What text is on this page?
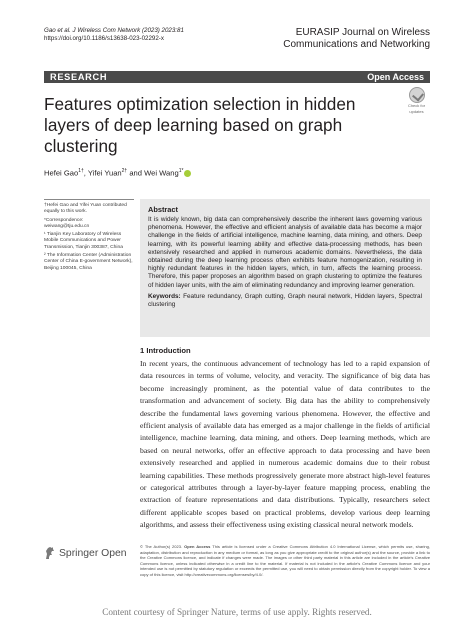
Gao et al. J Wireless Com Network (2023) 2023:81
https://doi.org/10.1186/s13638-023-02292-x
EURASIP Journal on Wireless
Communications and Networking
RESEARCH	Open Access
Features optimization selection in hidden layers of deep learning based on graph clustering
Check for
updates
Hefei Gao$^{1\dagger}$, Yifei Yuan$^{2\dagger}$ and Wei Wang$^{1*}$

†Hefei Gao and Yifei Yuan contributed equally to this work.

*Correspondence:

weiwang@tju.edu.cn

¹ Tianjin Key Laboratory of Wireless Mobile Communications and Power Transmission, Tianjin 300387, China

² The Information Center (Administration Center of China E-government Network), Beijing 100045, China

Abstract

It is widely known, big data can comprehensively describe the inherent laws governing various phenomena. However, the effective and efficient analysis of available data has become a major challenge in the fields of artificial intelligence, machine learning, data mining, and others. Deep learning, with its powerful learning ability and effective data-processing methods, has been extensively researched and applied in numerous academic domains. Nevertheless, the data obtained during the deep learning process often exhibits feature homogenization, resulting in highly redundant features in the hidden layers, which, in turn, affects the learning process. Therefore, this paper proposes an algorithm based on graph clustering to optimize the features of hidden layer units, with the aim of eliminating redundancy and improving learner generation.

Keywords: Feature redundancy, Graph cutting, Graph neural network, Hidden layers, Spectral clustering

1 Introduction

In recent years, the continuous advancement of technology has led to a rapid expansion of data resources in terms of volume, velocity, and veracity. The significance of big data has become increasingly prominent, as the potential value of data contributes to the transformation and advancement of society. Big data has the ability to comprehensively describe the fundamental laws governing various phenomena. However, the effective and efficient analysis of available data has emerged as a major challenge in the fields of artificial intelligence, machine learning, data mining, and others. Deep learning methods, which are based on neural networks, offer an effective approach to data processing and have been extensively researched and applied in numerous academic domains due to their robust learning capabilities. These methods progressively generate more abstract high-level features or categorical attributes through a layer-by-layer feature mapping process, enabling the extraction of feature representations and data distributions. Typically, researchers select different applicable scopes based on practical problems, develop various deep learning algorithms, and assess their effectiveness using existing classical neural network models.

Springer Open

© The Author(s) 2023. Open Access This article is licensed under a Creative Commons Attribution 4.0 International License, which permits use, sharing, adaptation, distribution and reproduction in any medium or format, as long as you give appropriate credit to the original author(s) and the source, provide a link to the Creative Commons licence, and indicate if changes were made. The images or other third party material in this article are included in the article's Creative Commons licence, unless indicated otherwise in a credit line to the material. If material is not included in the article's Creative Commons licence and your intended use is not permitted by statutory regulation or exceeds the permitted use, you will need to obtain permission directly from the copyright holder. To view a copy of this licence, visit http://creativecommons.org/licenses/by/4.0/.

Content courtesy of Springer Nature, terms of use apply. Rights reserved.
